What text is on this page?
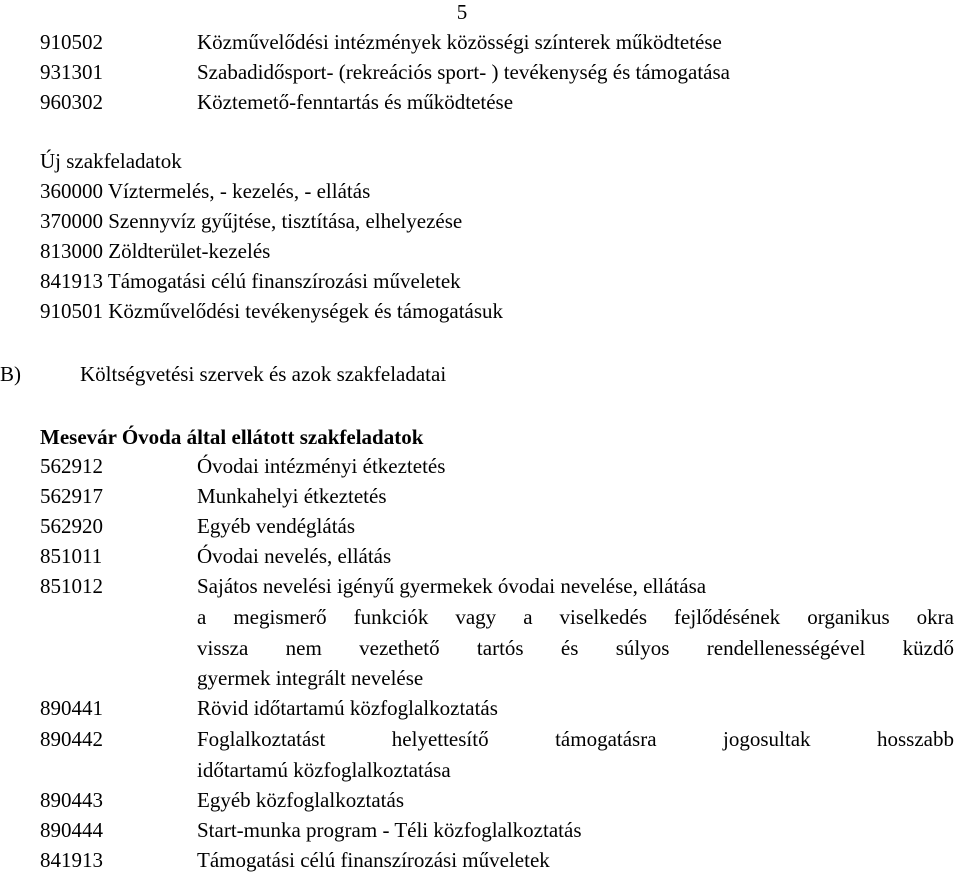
5
910502	Közművelődési intézmények közösségi színterek működtetése
931301	Szabadidősport- (rekreációs sport- ) tevékenység és támogatása
960302	Köztemető-fenntartás és működtetése
Új szakfeladatok
360000 Víztermelés, - kezelés, - ellátás
370000 Szennyvíz gyűjtése, tisztítása, elhelyezése
813000 Zöldterület-kezelés
841913 Támogatási célú finanszírozási műveletek
910501 Közművelődési tevékenységek és támogatásuk
B)	Költségvetési szervek és azok szakfeladatai
Mesevár Óvoda által ellátott szakfeladatok
562912	Óvodai intézményi étkeztetés
562917	Munkahelyi étkeztetés
562920	Egyéb vendéglátás
851011	Óvodai nevelés, ellátás
851012	Sajátos nevelési igényű gyermekek óvodai nevelése, ellátása
a megismerő funkciók vagy a viselkedés fejlődésének organikus okra
vissza nem vezethető tartós és súlyos rendellenességével küzdő
gyermek integrált nevelése
890441	Rövid időtartamú közfoglalkoztatás
890442	Foglalkoztatást helyettesítő támogatásra jogosultak hosszabb
időtartamú közfoglalkoztatása
890443	Egyéb közfoglalkoztatás
890444	Start-munka program - Téli közfoglalkoztatás
841913	Támogatási célú finanszírozási műveletek
